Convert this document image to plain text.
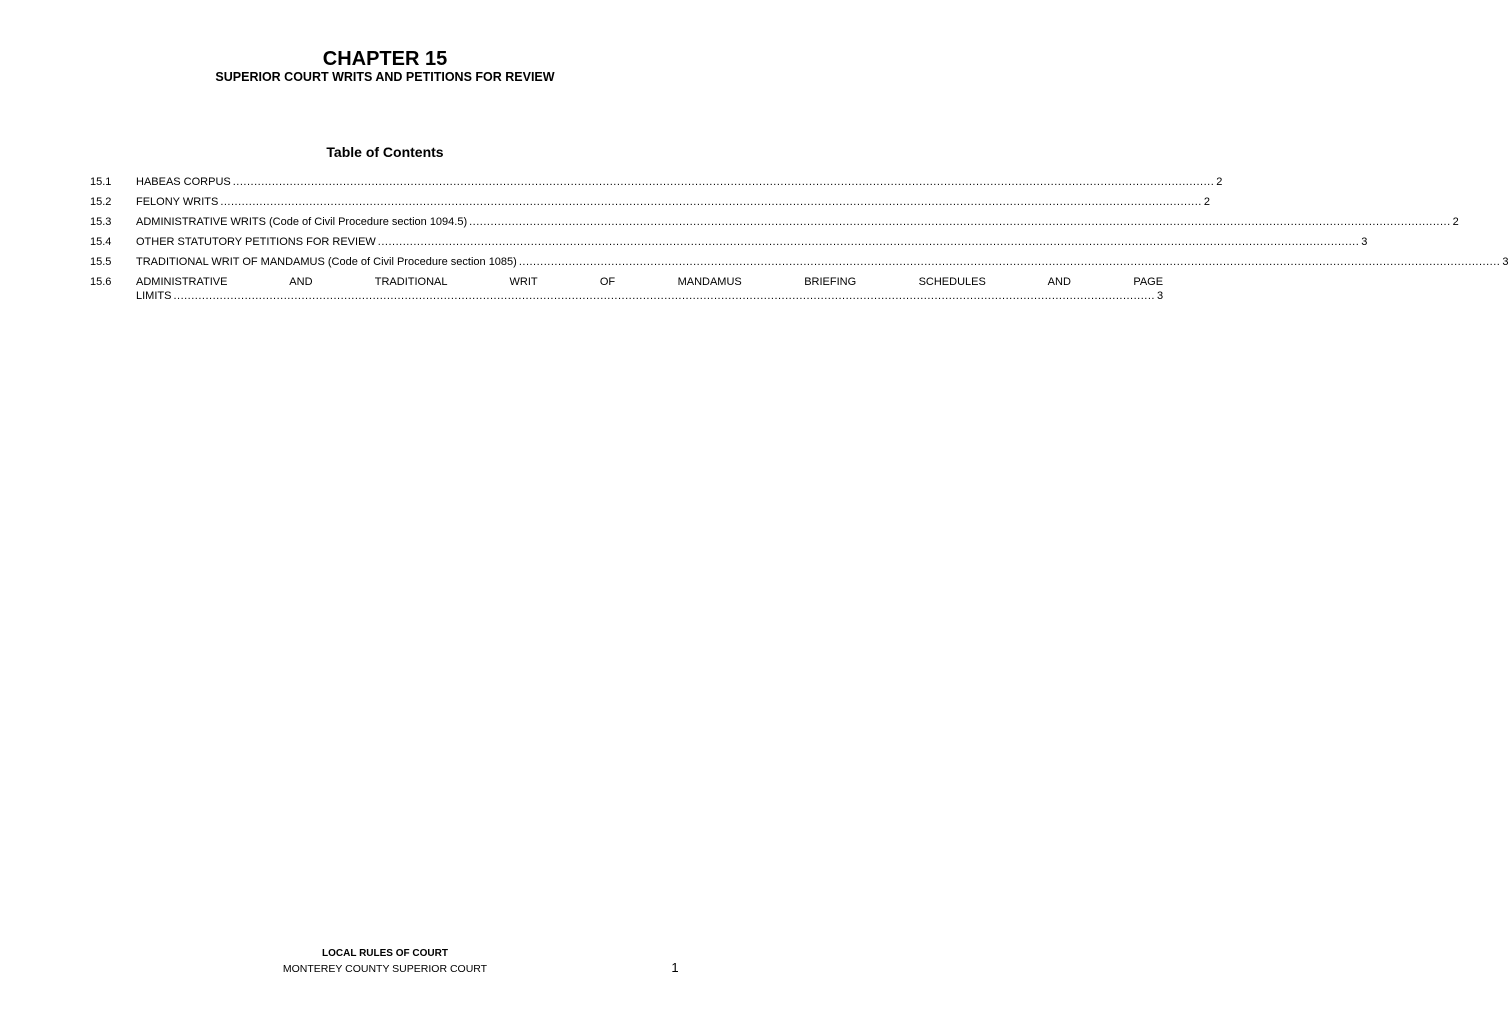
CHAPTER 15
SUPERIOR COURT WRITS AND PETITIONS FOR REVIEW
Table of Contents
15.1	HABEAS CORPUS .....	2
15.2	FELONY WRITS .....	2
15.3	ADMINISTRATIVE WRITS (Code of Civil Procedure section 1094.5) .....	2
15.4	OTHER STATUTORY PETITIONS FOR REVIEW .....	3
15.5	TRADITIONAL WRIT OF MANDAMUS (Code of Civil Procedure section 1085) .....	3
15.6	ADMINISTRATIVE AND TRADITIONAL WRIT OF MANDAMUS BRIEFING SCHEDULES AND PAGE
LIMITS .....	3
LOCAL RULES OF COURT
MONTEREY COUNTY SUPERIOR COURT	1
